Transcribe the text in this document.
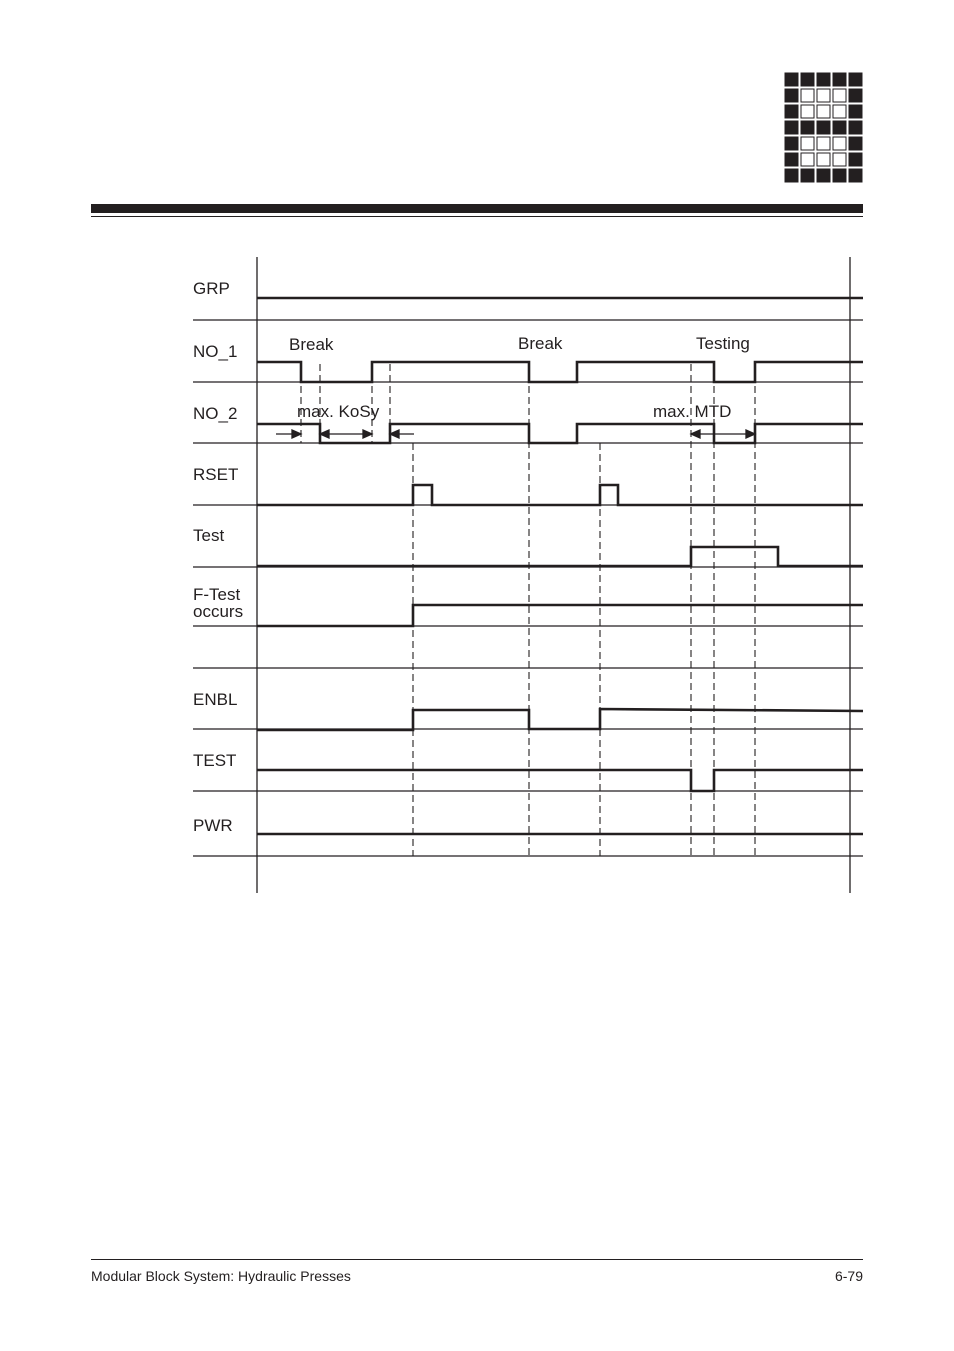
GRP
NO_1
NO_2
RSET
Test
F-Test
occurs
ENBL
TEST
PWR
Break	Break	Testing
max. KoSy	max. MTD
Modular Block System: Hydraulic Presses	6-79
